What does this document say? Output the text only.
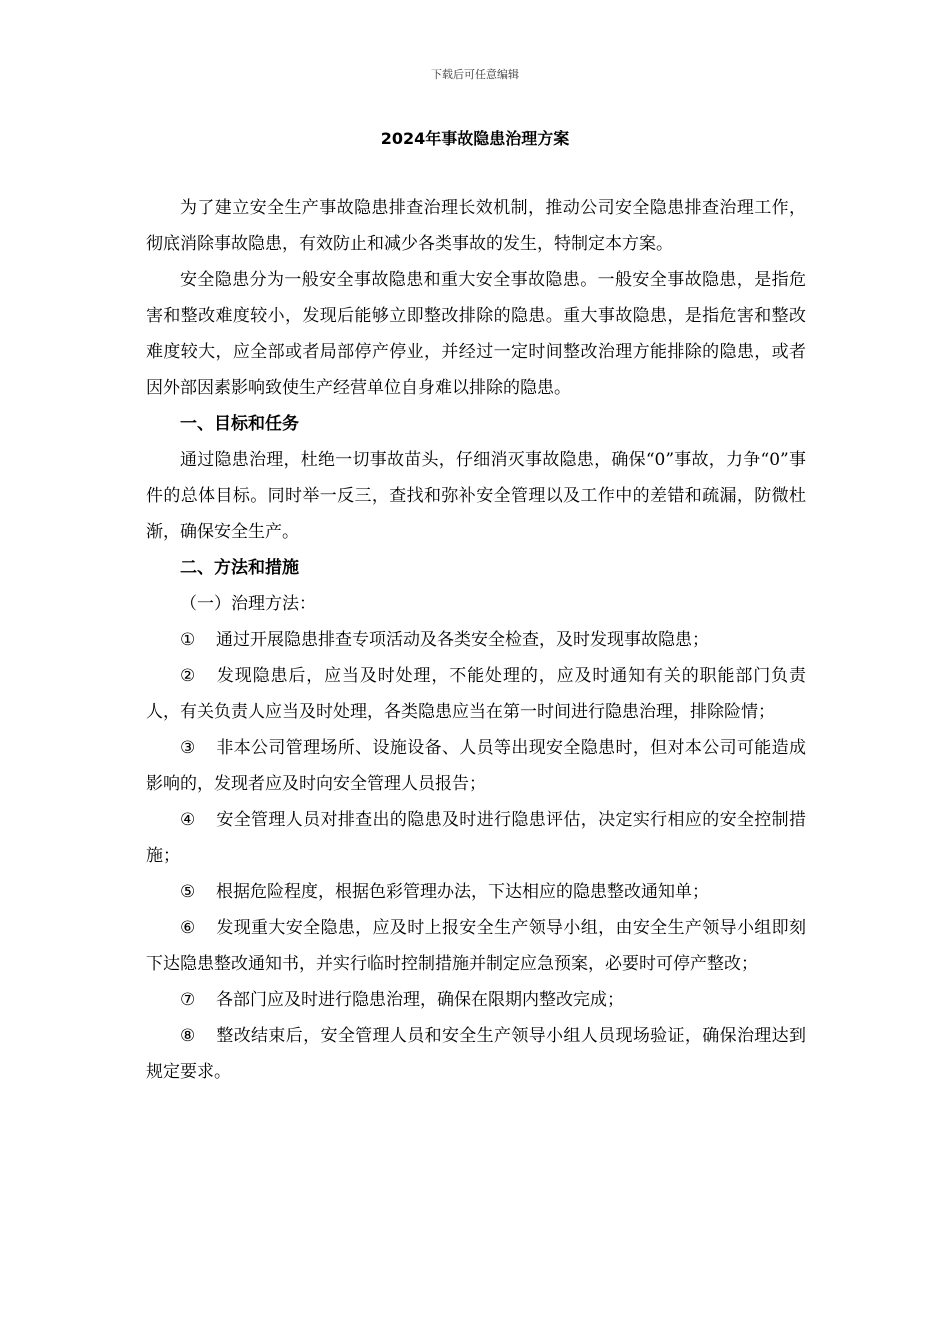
下载后可任意编辑
2024年事故隐患治理方案

为了建立安全生产事故隐患排查治理长效机制，推动公司安全隐患排查治理工作，彻底消除事故隐患，有效防止和减少各类事故的发生，特制定本方案。

安全隐患分为一般安全事故隐患和重大安全事故隐患。一般安全事故隐患，是指危害和整改难度较小，发现后能够立即整改排除的隐患。重大事故隐患，是指危害和整改难度较大，应全部或者局部停产停业，并经过一定时间整改治理方能排除的隐患，或者因外部因素影响致使生产经营单位自身难以排除的隐患。

一、目标和任务

通过隐患治理，杜绝一切事故苗头，仔细消灭事故隐患，确保“0”事故，力争“0”事件的总体目标。同时举一反三，查找和弥补安全管理以及工作中的差错和疏漏，防微杜渐，确保安全生产。

二、方法和措施

（一）治理方法：

① 通过开展隐患排查专项活动及各类安全检查，及时发现事故隐患；

② 发现隐患后，应当及时处理，不能处理的，应及时通知有关的职能部门负责人，有关负责人应当及时处理，各类隐患应当在第一时间进行隐患治理，排除险情；

③ 非本公司管理场所、设施设备、人员等出现安全隐患时，但对本公司可能造成影响的，发现者应及时向安全管理人员报告；

④ 安全管理人员对排查出的隐患及时进行隐患评估，决定实行相应的安全控制措施；

⑤ 根据危险程度，根据色彩管理办法，下达相应的隐患整改通知单；

⑥ 发现重大安全隐患，应及时上报安全生产领导小组，由安全生产领导小组即刻下达隐患整改通知书，并实行临时控制措施并制定应急预案，必要时可停产整改；

⑦ 各部门应及时进行隐患治理，确保在限期内整改完成；

⑧ 整改结束后，安全管理人员和安全生产领导小组人员现场验证，确保治理达到规定要求。
